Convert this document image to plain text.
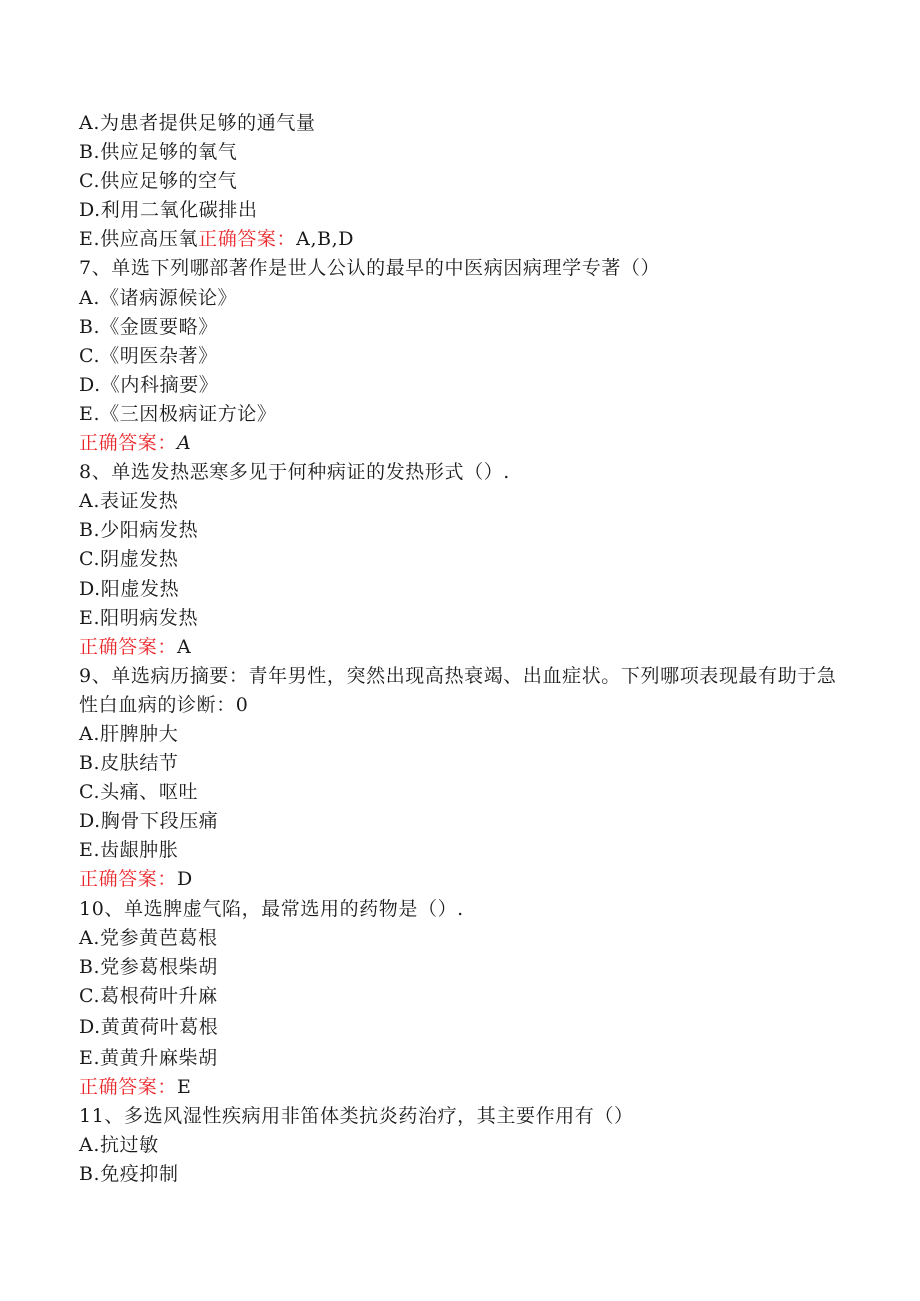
A.为患者提供足够的通气量
B.供应足够的氧气
C.供应足够的空气
D.利用二氧化碳排出
E.供应高压氧正确答案：A,B,D
7、单选下列哪部著作是世人公认的最早的中医病因病理学专著（）
A.《诸病源候论》
B.《金匮要略》
C.《明医杂著》
D.《内科摘要》
E.《三因极病证方论》
正确答案：A
8、单选发热恶寒多见于何种病证的发热形式（）.
A.表证发热
B.少阳病发热
C.阴虚发热
D.阳虚发热
E.阳明病发热
正确答案：A
9、单选病历摘要：青年男性，突然出现高热衰竭、出血症状。下列哪项表现最有助于急性白血病的诊断：0
A.肝脾肿大
B.皮肤结节
C.头痛、呕吐
D.胸骨下段压痛
E.齿龈肿胀
正确答案：D
10、单选脾虚气陷，最常选用的药物是（）.
A.党参黄芭葛根
B.党参葛根柴胡
C.葛根荷叶升麻
D.黄黄荷叶葛根
E.黄黄升麻柴胡
正确答案：E
11、多选风湿性疾病用非笛体类抗炎药治疗，其主要作用有（）
A.抗过敏
B.免疫抑制
